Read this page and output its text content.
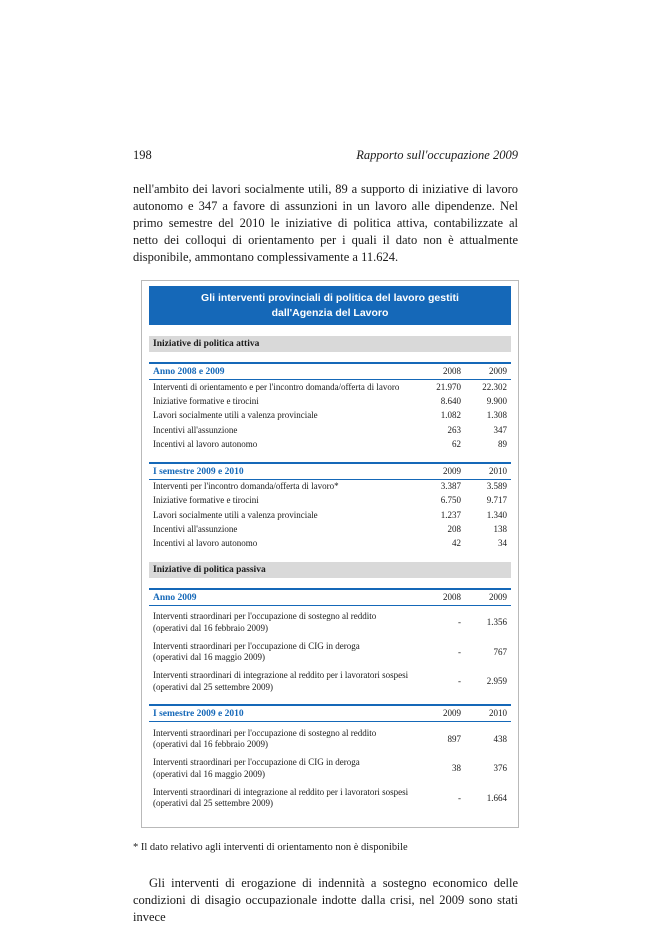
198	Rapporto sull'occupazione 2009
nell'ambito dei lavori socialmente utili, 89 a supporto di iniziative di lavoro autonomo e 347 a favore di assunzioni in un lavoro alle dipendenze. Nel primo semestre del 2010 le iniziative di politica attiva, contabilizzate al netto dei colloqui di orientamento per i quali il dato non è attualmente disponibile, ammontano complessivamente a 11.624.
Gli interventi provinciali di politica del lavoro gestiti
dall'Agenzia del Lavoro
Iniziative di politica attiva
Anno 2008 e 2009	2008	2009
Interventi di orientamento e per l'incontro domanda/offerta di lavoro	21.970	22.302
Iniziative formative e tirocini	8.640	9.900
Lavori socialmente utili a valenza provinciale	1.082	1.308
Incentivi all'assunzione	263	347
Incentivi al lavoro autonomo	62	89
I semestre 2009 e 2010	2009	2010
Interventi per l'incontro domanda/offerta di lavoro*	3.387	3.589
Iniziative formative e tirocini	6.750	9.717
Lavori socialmente utili a valenza provinciale	1.237	1.340
Incentivi all'assunzione	208	138
Incentivi al lavoro autonomo	42	34
Iniziative di politica passiva
Anno 2009	2008	2009
Interventi straordinari per l'occupazione di sostegno al reddito
(operativi dal 16 febbraio 2009)
-	1.356
Interventi straordinari per l'occupazione di CIG in deroga
(operativi dal 16 maggio 2009)
-	767
Interventi straordinari di integrazione al reddito per i lavoratori sospesi
(operativi dal 25 settembre 2009)
-	2.959
I semestre 2009 e 2010	2009	2010
Interventi straordinari per l'occupazione di sostegno al reddito
(operativi dal 16 febbraio 2009)
897	438
Interventi straordinari per l'occupazione di CIG in deroga
(operativi dal 16 maggio 2009)
38	376
Interventi straordinari di integrazione al reddito per i lavoratori sospesi
(operativi dal 25 settembre 2009)
-	1.664
* Il dato relativo agli interventi di orientamento non è disponibile
Gli interventi di erogazione di indennità a sostegno economico delle condizioni di disagio occupazionale indotte dalla crisi, nel 2009 sono stati invece
